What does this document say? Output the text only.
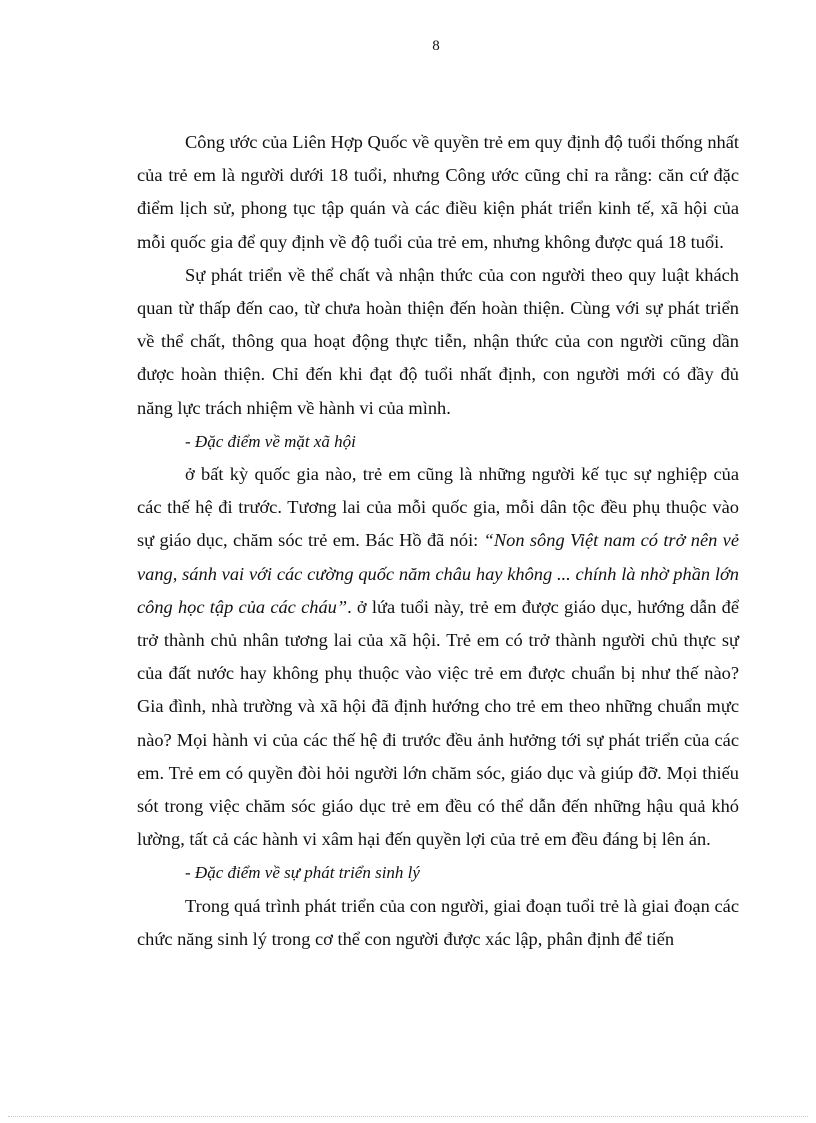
8

Công ước của Liên Hợp Quốc về quyền trẻ em quy định độ tuổi thống nhất của trẻ em là người dưới 18 tuổi, nhưng Công ước cũng chỉ ra rằng: căn cứ đặc điểm lịch sử, phong tục tập quán và các điều kiện phát triển kinh tế, xã hội của mỗi quốc gia để quy định về độ tuổi của trẻ em, nhưng không được quá 18 tuổi.

Sự phát triển về thể chất và nhận thức của con người theo quy luật khách quan từ thấp đến cao, từ chưa hoàn thiện đến hoàn thiện. Cùng với sự phát triển về thể chất, thông qua hoạt động thực tiễn, nhận thức của con người cũng dần được hoàn thiện. Chỉ đến khi đạt độ tuổi nhất định, con người mới có đầy đủ năng lực trách nhiệm về hành vi của mình.

- Đặc điểm về mặt xã hội

ở bất kỳ quốc gia nào, trẻ em cũng là những người kế tục sự nghiệp của các thế hệ đi trước. Tương lai của mỗi quốc gia, mỗi dân tộc đều phụ thuộc vào sự giáo dục, chăm sóc trẻ em. Bác Hồ đã nói: “Non sông Việt nam có trở nên vẻ vang, sánh vai với các cường quốc năm châu hay không ... chính là nhờ phần lớn công học tập của các cháu”. ở lứa tuổi này, trẻ em được giáo dục, hướng dẫn để trở thành chủ nhân tương lai của xã hội. Trẻ em có trở thành người chủ thực sự của đất nước hay không phụ thuộc vào việc trẻ em được chuẩn bị như thế nào? Gia đình, nhà trường và xã hội đã định hướng cho trẻ em theo những chuẩn mực nào? Mọi hành vi của các thế hệ đi trước đều ảnh hưởng tới sự phát triển của các em. Trẻ em có quyền đòi hỏi người lớn chăm sóc, giáo dục và giúp đỡ. Mọi thiếu sót trong việc chăm sóc giáo dục trẻ em đều có thể dẫn đến những hậu quả khó lường, tất cả các hành vi xâm hại đến quyền lợi của trẻ em đều đáng bị lên án.

- Đặc điểm về sự phát triển sinh lý

Trong quá trình phát triển của con người, giai đoạn tuổi trẻ là giai đoạn các chức năng sinh lý trong cơ thể con người được xác lập, phân định để tiến
